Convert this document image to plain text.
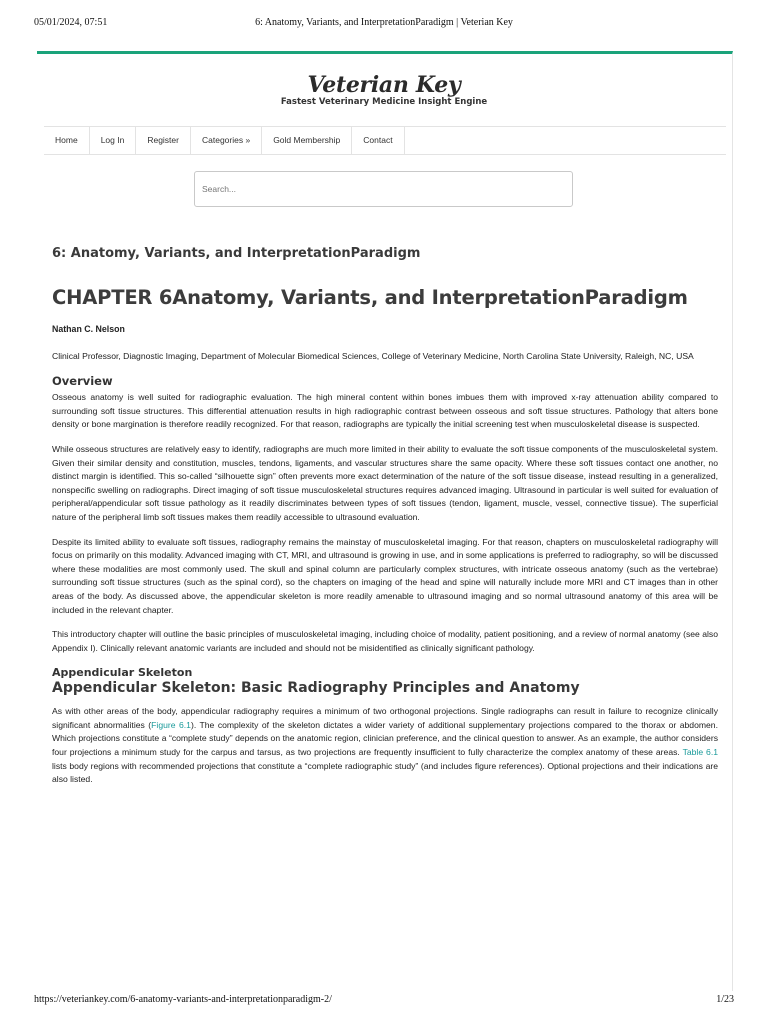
05/01/2024, 07:51	6: Anatomy, Variants, and InterpretationParadigm | Veterian Key
Veterian Key
Fastest Veterinary Medicine Insight Engine
Home	Log In	Register	Categories »	Gold Membership	Contact
Search...
6: Anatomy, Variants, and InterpretationParadigm
CHAPTER 6Anatomy, Variants, and InterpretationParadigm

Nathan C. Nelson

Clinical Professor, Diagnostic Imaging, Department of Molecular Biomedical Sciences, College of Veterinary Medicine, North Carolina State University, Raleigh, NC, USA

Overview

Osseous anatomy is well suited for radiographic evaluation. The high mineral content within bones imbues them with improved x-ray attenuation ability compared to surrounding soft tissue structures. This differential attenuation results in high radiographic contrast between osseous and soft tissue structures. Pathology that alters bone density or bone margination is therefore readily recognized. For that reason, radiographs are typically the initial screening test when musculoskeletal disease is suspected.

While osseous structures are relatively easy to identify, radiographs are much more limited in their ability to evaluate the soft tissue components of the musculoskeletal system. Given their similar density and constitution, muscles, tendons, ligaments, and vascular structures share the same opacity. Where these soft tissues contact one another, no distinct margin is identified. This so-called “silhouette sign” often prevents more exact determination of the nature of the soft tissue disease, instead resulting in a generalized, nonspecific swelling on radiographs. Direct imaging of soft tissue musculoskeletal structures requires advanced imaging. Ultrasound in particular is well suited for evaluation of peripheral/appendicular soft tissue pathology as it readily discriminates between types of soft tissues (tendon, ligament, muscle, vessel, connective tissue). The superficial nature of the peripheral limb soft tissues makes them readily accessible to ultrasound evaluation.

Despite its limited ability to evaluate soft tissues, radiography remains the mainstay of musculoskeletal imaging. For that reason, chapters on musculoskeletal radiography will focus on primarily on this modality. Advanced imaging with CT, MRI, and ultrasound is growing in use, and in some applications is preferred to radiography, so will be discussed where these modalities are most commonly used. The skull and spinal column are particularly complex structures, with intricate osseous anatomy (such as the vertebrae) surrounding soft tissue structures (such as the spinal cord), so the chapters on imaging of the head and spine will naturally include more MRI and CT images than in other areas of the body. As discussed above, the appendicular skeleton is more readily amenable to ultrasound imaging and so normal ultrasound anatomy of this area will be included in the relevant chapter.

This introductory chapter will outline the basic principles of musculoskeletal imaging, including choice of modality, patient positioning, and a review of normal anatomy (see also Appendix I). Clinically relevant anatomic variants are included and should not be misidentified as clinically significant pathology.

Appendicular Skeleton
Appendicular Skeleton: Basic Radiography Principles and Anatomy

As with other areas of the body, appendicular radiography requires a minimum of two orthogonal projections. Single radiographs can result in failure to recognize clinically significant abnormalities (Figure 6.1). The complexity of the skeleton dictates a wider variety of additional supplementary projections compared to the thorax or abdomen. Which projections constitute a “complete study” depends on the anatomic region, clinician preference, and the clinical question to answer. As an example, the author considers four projections a minimum study for the carpus and tarsus, as two projections are frequently insufficient to fully characterize the complex anatomy of these areas. Table 6.1 lists body regions with recommended projections that constitute a “complete radiographic study” (and includes figure references). Optional projections and their indications are also listed.

https://veteriankey.com/6-anatomy-variants-and-interpretationparadigm-2/	1/23
